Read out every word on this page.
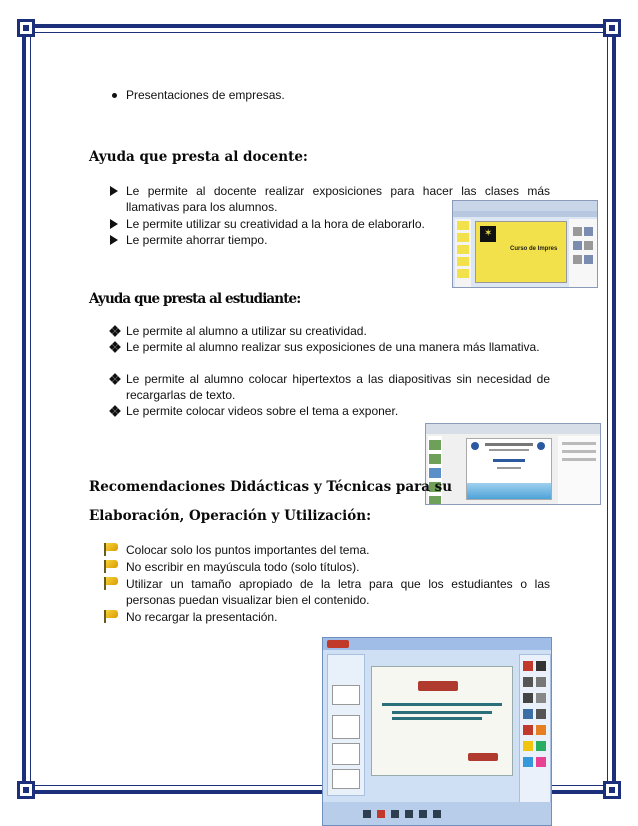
Presentaciones de empresas.
Ayuda que presta al docente:
Le permite al docente realizar exposiciones para hacer las clases más llamativas para los alumnos.
Le permite utilizar su creatividad a la hora de elaborarlo.
Le permite ahorrar tiempo.	✶
Curso de Impres
Ayuda que presta al estudiante:
Le permite al alumno a utilizar su creatividad.
Le permite al alumno realizar sus exposiciones de una manera más llamativa.
Le permite al alumno colocar hipertextos a las diapositivas sin necesidad de recargarlas de texto.
Le permite colocar videos sobre el tema a exponer.
Recomendaciones Didácticas y Técnicas para su
Elaboración, Operación y Utilización:
Colocar solo los puntos importantes del tema.
No escribir en mayúscula todo (solo títulos).
Utilizar un tamaño apropiado de la letra para que los estudiantes o las personas puedan visualizar bien el contenido.
No recargar la presentación.
